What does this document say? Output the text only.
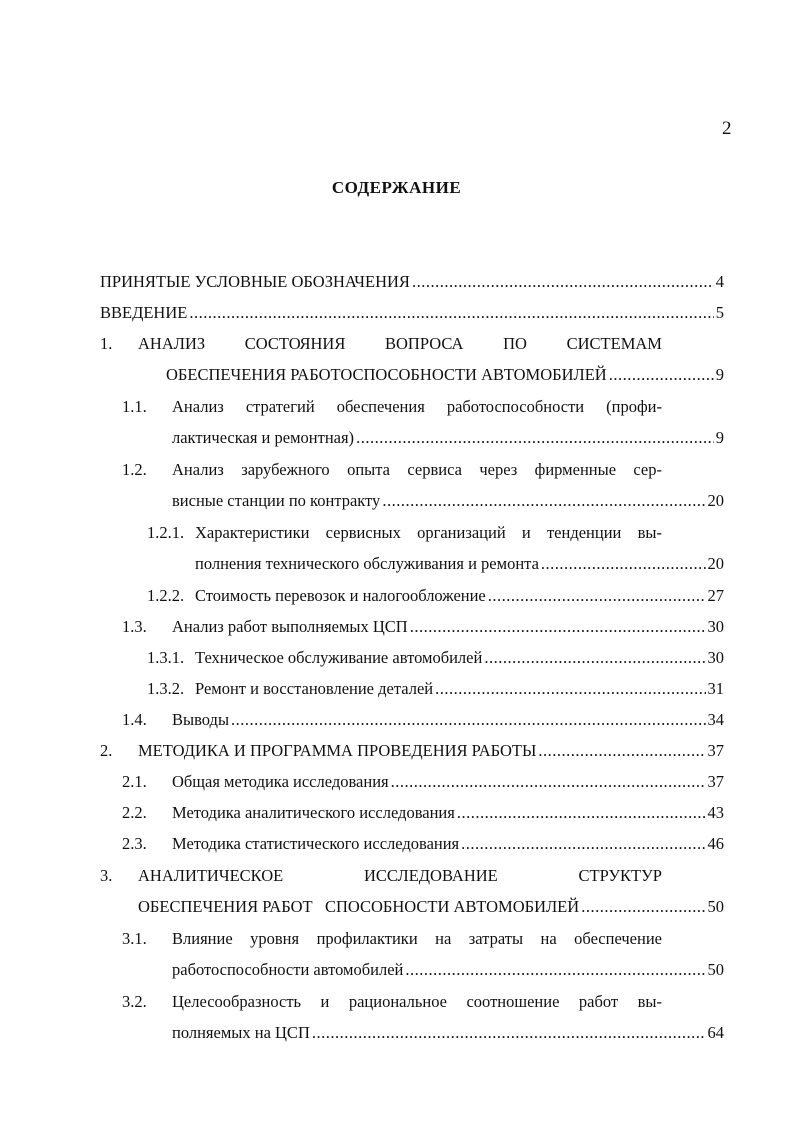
2
СОДЕРЖАНИЕ
ПРИНЯТЫЕ УСЛОВНЫЕ ОБОЗНАЧЕНИЯ .....	4
ВВЕДЕНИЕ .....	5
1. АНАЛИЗ СОСТОЯНИЯ ВОПРОСА ПО СИСТЕМАМ
ОБЕСПЕЧЕНИЯ РАБОТОСПОСОБНОСТИ АВТОМОБИЛЕЙ .....	9
1.1. Анализ стратегий обеспечения работоспособности (профи-
лактическая и ремонтная) .....	9
1.2. Анализ зарубежного опыта сервиса через фирменные сер-
висные станции по контракту .....	20
1.2.1. Характеристики сервисных организаций и тенденции вы-
полнения технического обслуживания и ремонта .....	20
1.2.2. Стоимость перевозок и налогообложение .....	27
1.3. Анализ работ выполняемых ЦСП .....	30
1.3.1. Техническое обслуживание автомобилей .....	30
1.3.2. Ремонт и восстановление деталей .....	31
1.4. Выводы .....	34
2. МЕТОДИКА И ПРОГРАММА ПРОВЕДЕНИЯ РАБОТЫ .....	37
2.1. Общая методика исследования .....	37
2.2. Методика аналитического исследования .....	43
2.3. Методика статистического исследования .....	46
3. АНАЛИТИЧЕСКОЕ	ИССЛЕДОВАНИЕ	СТРУКТУР
ОБЕСПЕЧЕНИЯ РАБОТ   СПОСОБНОСТИ АВТОМОБИЛЕЙ .....	50
3.1. Влияние уровня профилактики на затраты на обеспечение
работоспособности автомобилей .....	50
3.2. Целесообразность и рациональное соотношение работ вы-
полняемых на ЦСП .....	64
